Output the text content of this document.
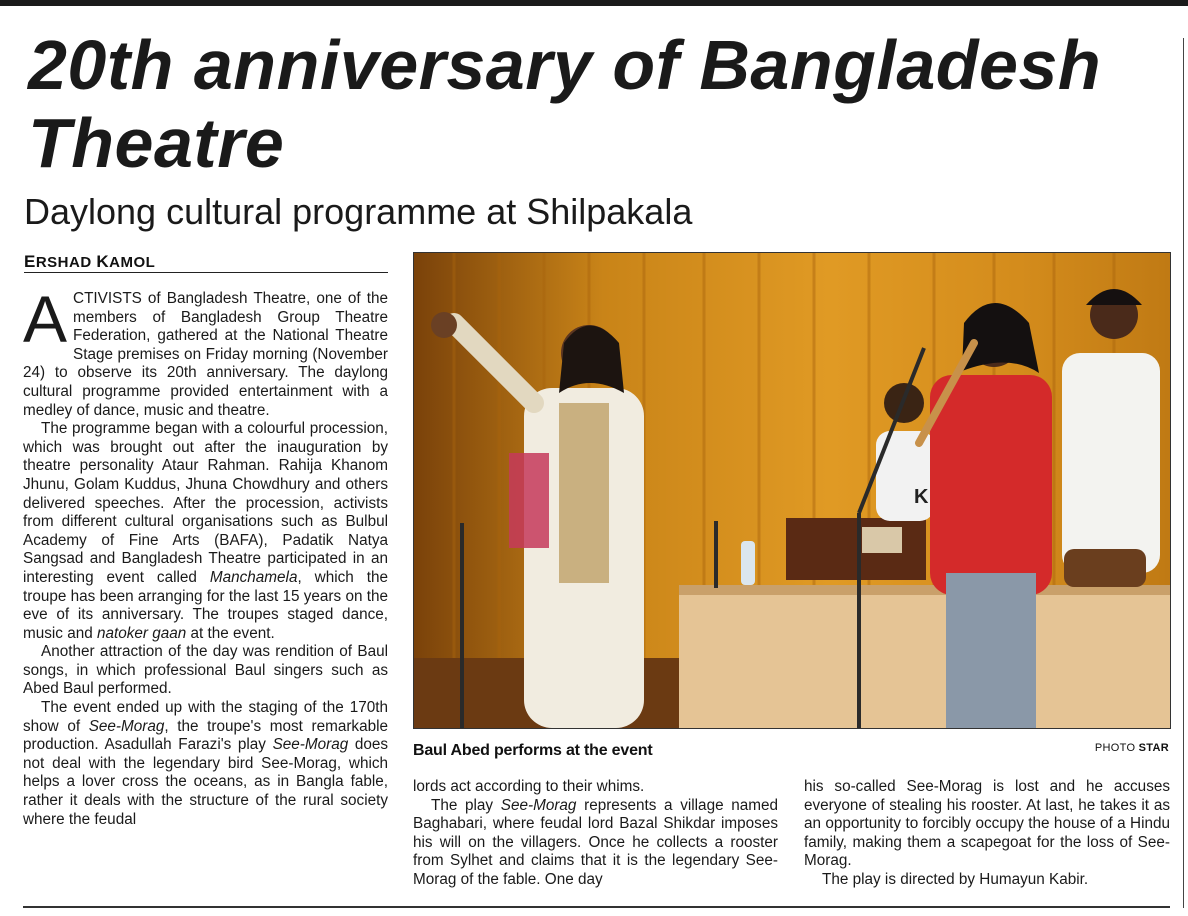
20th anniversary of Bangladesh Theatre
Daylong cultural programme at Shilpakala
ERSHAD KAMOL

ACTIVISTS of Bangladesh Theatre, one of the members of Bangladesh Group Theatre Federation, gathered at the National Theatre Stage premises on Friday morning (November 24) to observe its 20th anniversary. The daylong cultural programme provided entertainment with a medley of dance, music and theatre.

The programme began with a colourful procession, which was brought out after the inauguration by theatre personality Ataur Rahman. Rahija Khanom Jhunu, Golam Kuddus, Jhuna Chowdhury and others delivered speeches. After the procession, activists from different cultural organisations such as Bulbul Academy of Fine Arts (BAFA), Padatik Natya Sangsad and Bangladesh Theatre participated in an interesting event called Manchamela, which the troupe has been arranging for the last 15 years on the eve of its anniversary. The troupes staged dance, music and natoker gaan at the event.

Another attraction of the day was rendition of Baul songs, in which professional Baul singers such as Abed Baul performed.

The event ended up with the staging of the 170th show of See-Morag, the troupe's most remarkable production. Asadullah Farazi's play See-Morag does not deal with the legendary bird See-Morag, which helps a lover cross the oceans, as in Bangla fable, rather it deals with the structure of the rural society where the feudal

K
Baul Abed performs at the event	PHOTO STAR

lords act according to their whims.

The play See-Morag represents a village named Baghabari, where feudal lord Bazal Shikdar imposes his will on the villagers. Once he collects a rooster from Sylhet and claims that it is the legendary See-Morag of the fable. One day

his so-called See-Morag is lost and he accuses everyone of stealing his rooster. At last, he takes it as an opportunity to forcibly occupy the house of a Hindu family, making them a scapegoat for the loss of See-Morag.

The play is directed by Humayun Kabir.
